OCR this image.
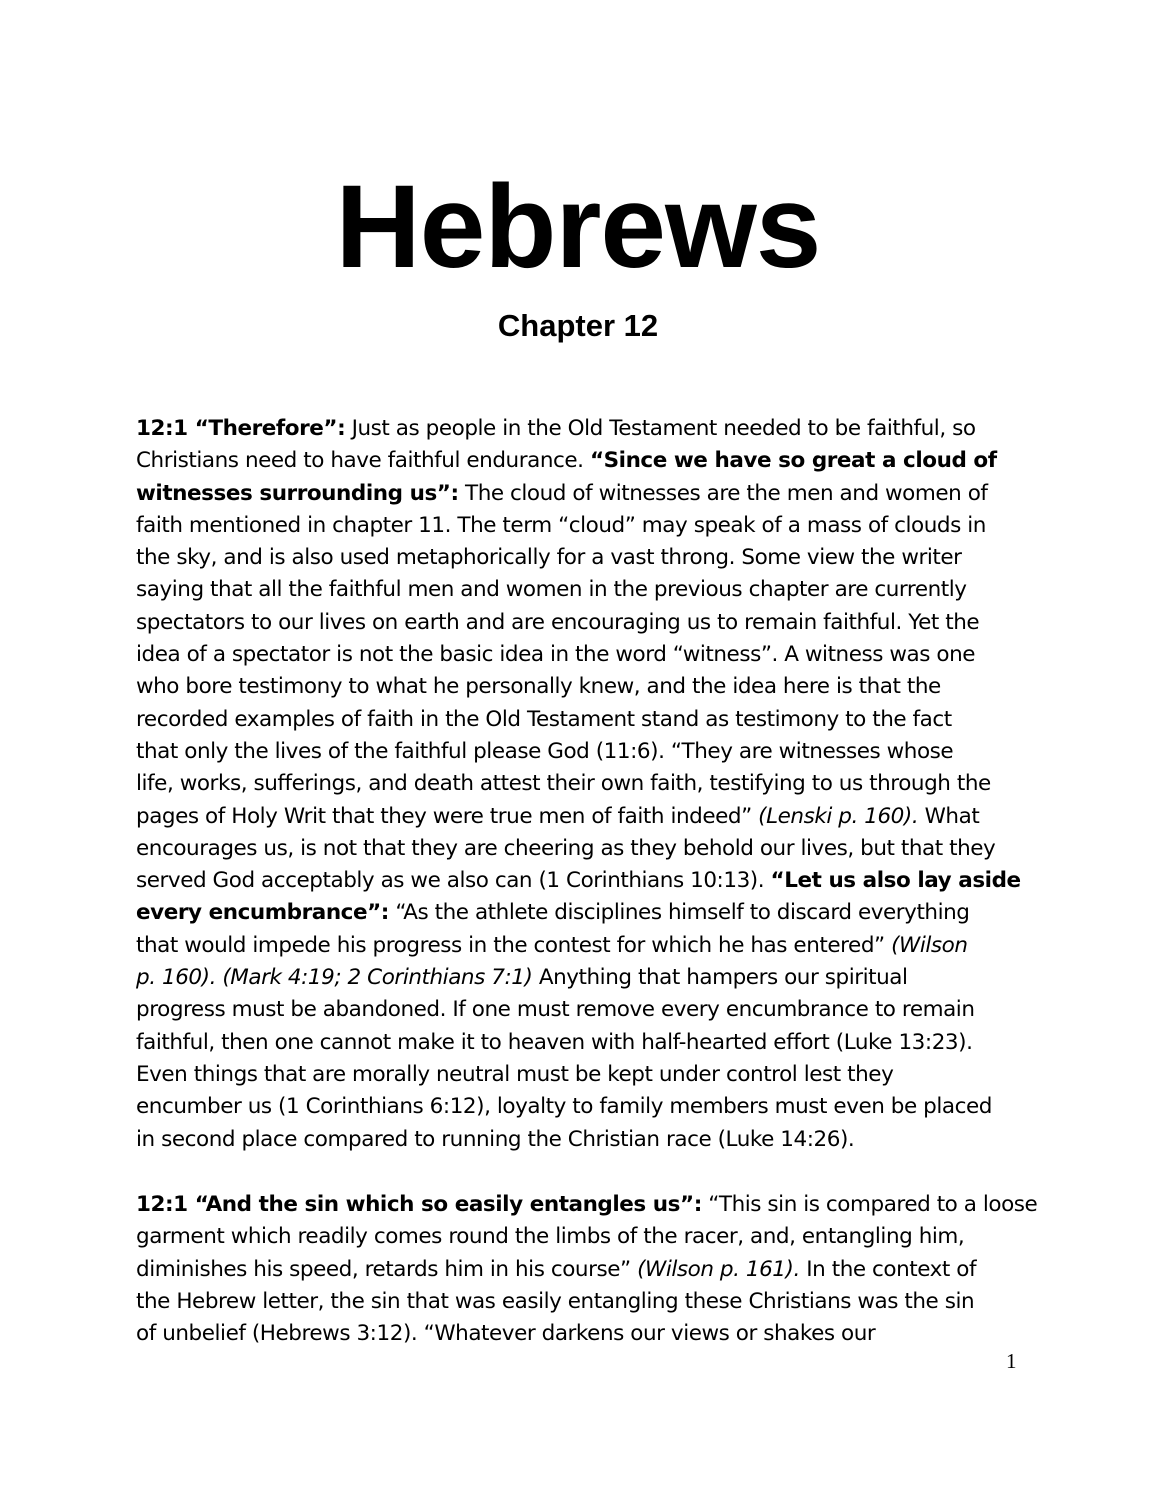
Hebrews
Chapter 12
12:1 “Therefore”: Just as people in the Old Testament needed to be faithful, so
Christians need to have faithful endurance. “Since we have so great a cloud of
witnesses surrounding us”: The cloud of witnesses are the men and women of
faith mentioned in chapter 11. The term “cloud” may speak of a mass of clouds in
the sky, and is also used metaphorically for a vast throng. Some view the writer
saying that all the faithful men and women in the previous chapter are currently
spectators to our lives on earth and are encouraging us to remain faithful. Yet the
idea of a spectator is not the basic idea in the word “witness”. A witness was one
who bore testimony to what he personally knew, and the idea here is that the
recorded examples of faith in the Old Testament stand as testimony to the fact
that only the lives of the faithful please God (11:6). “They are witnesses whose
life, works, sufferings, and death attest their own faith, testifying to us through the
pages of Holy Writ that they were true men of faith indeed” (Lenski p. 160). What
encourages us, is not that they are cheering as they behold our lives, but that they
served God acceptably as we also can (1 Corinthians 10:13). “Let us also lay aside
every encumbrance”: “As the athlete disciplines himself to discard everything
that would impede his progress in the contest for which he has entered” (Wilson
p. 160). (Mark 4:19; 2 Corinthians 7:1) Anything that hampers our spiritual
progress must be abandoned. If one must remove every encumbrance to remain
faithful, then one cannot make it to heaven with half-hearted effort (Luke 13:23).
Even things that are morally neutral must be kept under control lest they
encumber us (1 Corinthians 6:12), loyalty to family members must even be placed
in second place compared to running the Christian race (Luke 14:26).
12:1 “And the sin which so easily entangles us”: “This sin is compared to a loose
garment which readily comes round the limbs of the racer, and, entangling him,
diminishes his speed, retards him in his course” (Wilson p. 161). In the context of
the Hebrew letter, the sin that was easily entangling these Christians was the sin
of unbelief (Hebrews 3:12). “Whatever darkens our views or shakes our
1
